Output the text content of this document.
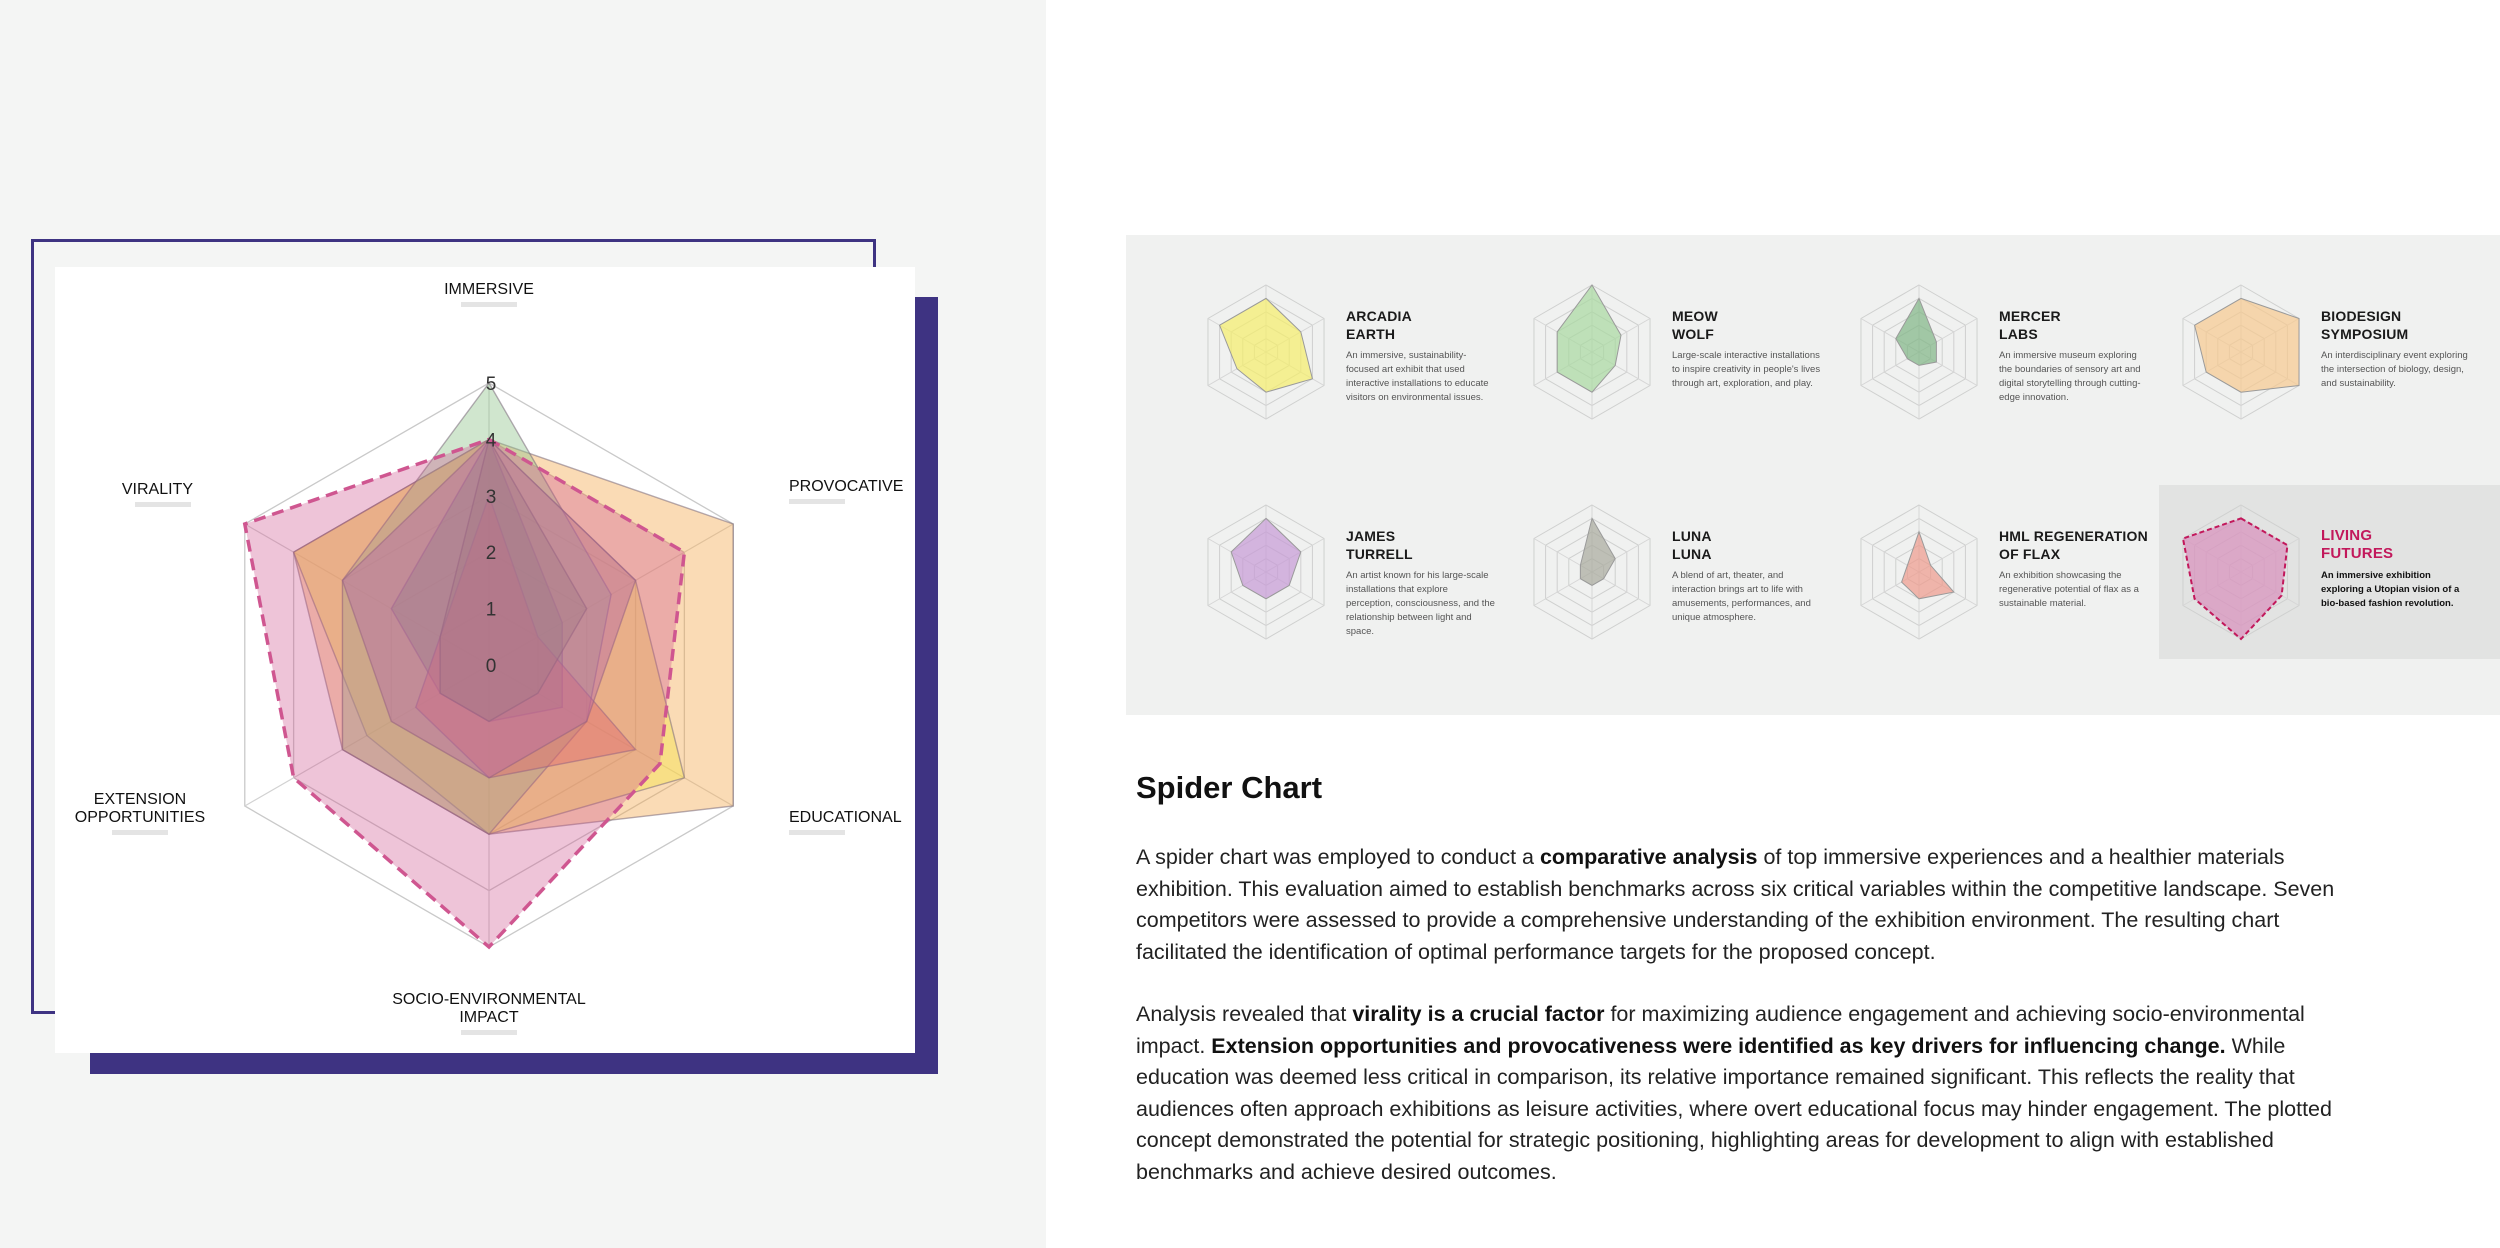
0
1
2
3
4
5
IMMERSIVE
PROVOCATIVE
EDUCATIONAL
SOCIO-ENVIRONMENTAL IMPACT
EXTENSION OPPORTUNITIES
VIRALITY
ARCADIA
EARTH
An immersive, sustainability-focused art exhibit that used interactive installations to educate visitors on environmental issues.
MEOW
WOLF
Large-scale interactive installations to inspire creativity in people's lives through art, exploration, and play.
MERCER
LABS
An immersive museum exploring the boundaries of sensory art and digital storytelling through cutting-edge innovation.
BIODESIGN
SYMPOSIUM
An interdisciplinary event exploring the intersection of biology, design, and sustainability.
JAMES
TURRELL
An artist known for his large-scale installations that explore perception, consciousness, and the relationship between light and space.
LUNA
LUNA
A blend of art, theater, and interaction brings art to life with amusements, performances, and unique atmosphere.
HML REGENERATION
OF FLAX
An exhibition showcasing the regenerative potential of flax as a sustainable material.
LIVING
FUTURES
An immersive exhibition exploring a Utopian vision of a bio-based fashion revolution.
Spider Chart

A spider chart was employed to conduct a comparative analysis of top immersive experiences and a healthier materials exhibition. This evaluation aimed to establish benchmarks across six critical variables within the competitive landscape. Seven competitors were assessed to provide a comprehensive understanding of the exhibition environment. The resulting chart facilitated the identification of optimal performance targets for the proposed concept.

Analysis revealed that virality is a crucial factor for maximizing audience engagement and achieving socio-environmental impact. Extension opportunities and provocativeness were identified as key drivers for influencing change. While education was deemed less critical in comparison, its relative importance remained significant. This reflects the reality that audiences often approach exhibitions as leisure activities, where overt educational focus may hinder engagement. The plotted concept demonstrated the potential for strategic positioning, highlighting areas for development to align with established benchmarks and achieve desired outcomes.
